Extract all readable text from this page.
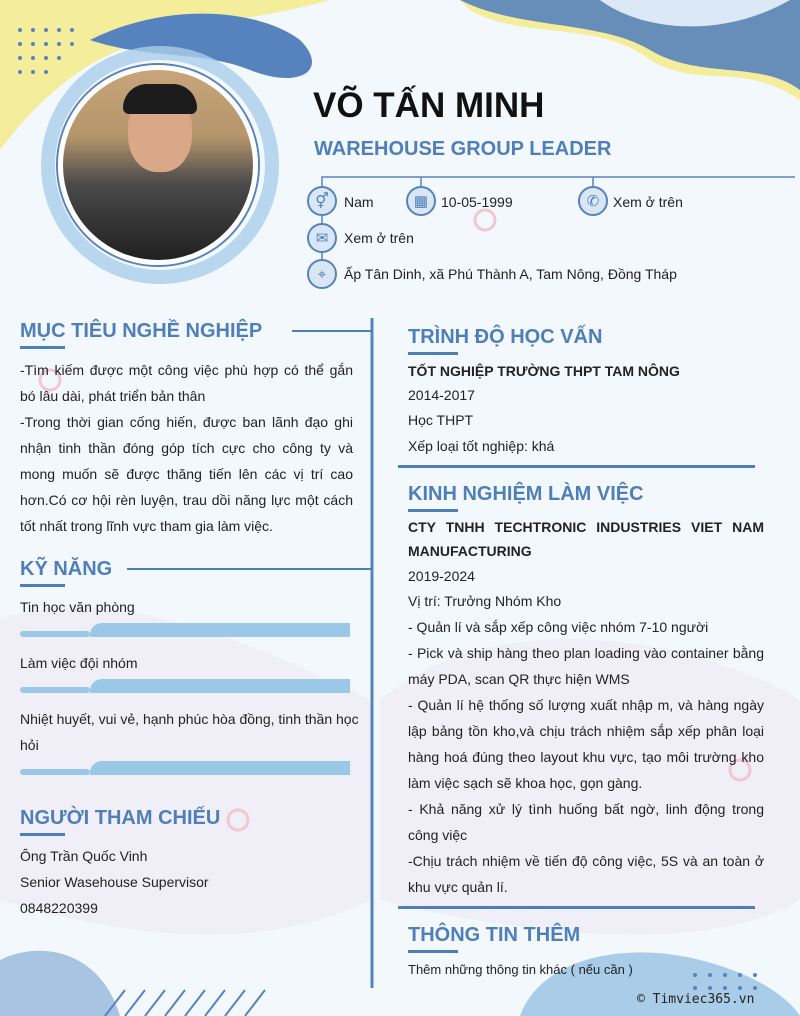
VÕ TẤN MINH
WAREHOUSE GROUP LEADER
⚥	Nam	▦ 10-05-1999	✆ Xem ở trên
✉	Xem ở trên
⌖	Ấp Tân Dinh, xã Phú Thành A, Tam Nông, Đồng Tháp
MỤC TIÊU NGHỀ NGHIỆP
-Tìm kiếm được một công việc phù hợp có thể gắn bó lâu dài, phát triển bản thân
-Trong thời gian cống hiến, được ban lãnh đạo ghi nhận tinh thần đóng góp tích cực cho công ty và mong muốn sẽ được thăng tiến lên các vị trí cao hơn.Có cơ hội rèn luyện, trau dồi năng lực một cách tốt nhất trong lĩnh vực tham gia làm việc.
KỸ NĂNG
Tin học văn phòng
Làm việc đội nhóm
Nhiệt huyết, vui vẻ, hạnh phúc hòa đồng, tinh thần học hỏi
NGƯỜI THAM CHIẾU
Ông Trần Quốc Vinh
Senior Wasehouse Supervisor
0848220399
TRÌNH ĐỘ HỌC VẤN
TỐT NGHIỆP TRƯỜNG THPT TAM NÔNG
2014-2017
Học THPT
Xếp loại tốt nghiệp: khá
KINH NGHIỆM LÀM VIỆC
CTY TNHH TECHTRONIC INDUSTRIES VIET NAM MANUFACTURING
2019-2024
Vị trí: Trưởng Nhóm Kho
- Quản lí và sắp xếp công việc nhóm 7-10 người
- Pick và ship hàng theo plan loading vào container bằng máy PDA, scan QR thực hiện WMS
- Quản lí hệ thống số lượng xuất nhập m, và hàng ngày lập bảng tồn kho,và chịu trách nhiệm sắp xếp phân loại hàng hoá đúng theo layout khu vực, tạo môi trường kho làm việc sạch sẽ khoa học, gọn gàng.
- Khả năng xử lý tình huống bất ngờ, linh động trong công việc
-Chịu trách nhiệm về tiến độ công việc, 5S và an toàn ở khu vực quản lí.
THÔNG TIN THÊM
Thêm những thông tin khác ( nếu cần )
© Timviec365.vn
